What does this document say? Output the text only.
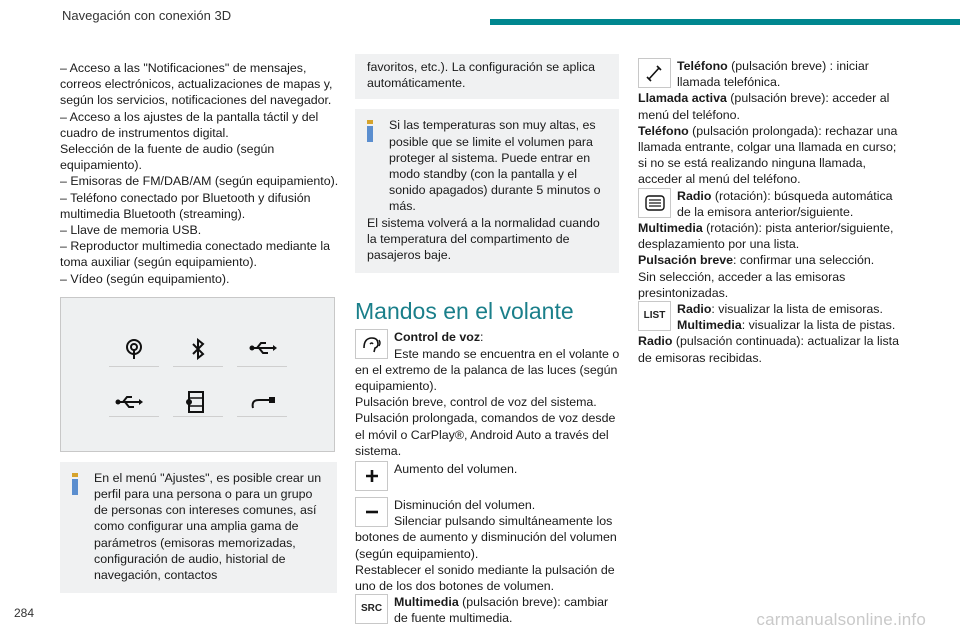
Navegación con conexión 3D

– Acceso a las "Notificaciones" de mensajes, correos electrónicos, actualizaciones de mapas y, según los servicios, notificaciones del navegador.

– Acceso a los ajustes de la pantalla táctil y del cuadro de instrumentos digital.

Selección de la fuente de audio (según equipamiento).

– Emisoras de FM/DAB/AM (según equipamiento).

– Teléfono conectado por Bluetooth y difusión multimedia Bluetooth (streaming).

– Llave de memoria USB.

– Reproductor multimedia conectado mediante la toma auxiliar (según equipamiento).

– Vídeo (según equipamiento).

En el menú "Ajustes", es posible crear un perfil para una persona o para un grupo de personas con intereses comunes, así como configurar una amplia gama de parámetros (emisoras memorizadas, configuración de audio, historial de navegación, contactos

favoritos, etc.). La configuración se aplica automáticamente.

Si las temperaturas son muy altas, es posible que se limite el volumen para proteger al sistema. Puede entrar en modo standby (con la pantalla y el sonido apagados) durante 5 minutos o más.

El sistema volverá a la normalidad cuando la temperatura del compartimento de pasajeros baje.

Mandos en el volante

Control de voz:

Este mando se encuentra en el volante o en el extremo de la palanca de las luces (según equipamiento).

Pulsación breve, control de voz del sistema.

Pulsación prolongada, comandos de voz desde el móvil o CarPlay®, Android Auto a través del sistema.

Aumento del volumen.

Disminución del volumen.

Silenciar pulsando simultáneamente los botones de aumento y disminución del volumen (según equipamiento).

Restablecer el sonido mediante la pulsación de uno de los dos botones de volumen.

SRC Multimedia (pulsación breve): cambiar de fuente multimedia.

Teléfono (pulsación breve) : iniciar llamada telefónica.

Llamada activa (pulsación breve): acceder al menú del teléfono.

Teléfono (pulsación prolongada): rechazar una llamada entrante, colgar una llamada en curso; si no se está realizando ninguna llamada, acceder al menú del teléfono.

Radio (rotación): búsqueda automática de la emisora anterior/siguiente.

Multimedia (rotación): pista anterior/siguiente, desplazamiento por una lista.

Pulsación breve: confirmar una selección.

Sin selección, acceder a las emisoras presintonizadas.

LIST Radio: visualizar la lista de emisoras.

Multimedia: visualizar la lista de pistas.

Radio (pulsación continuada): actualizar la lista de emisoras recibidas.

284	carmanualsonline.info
